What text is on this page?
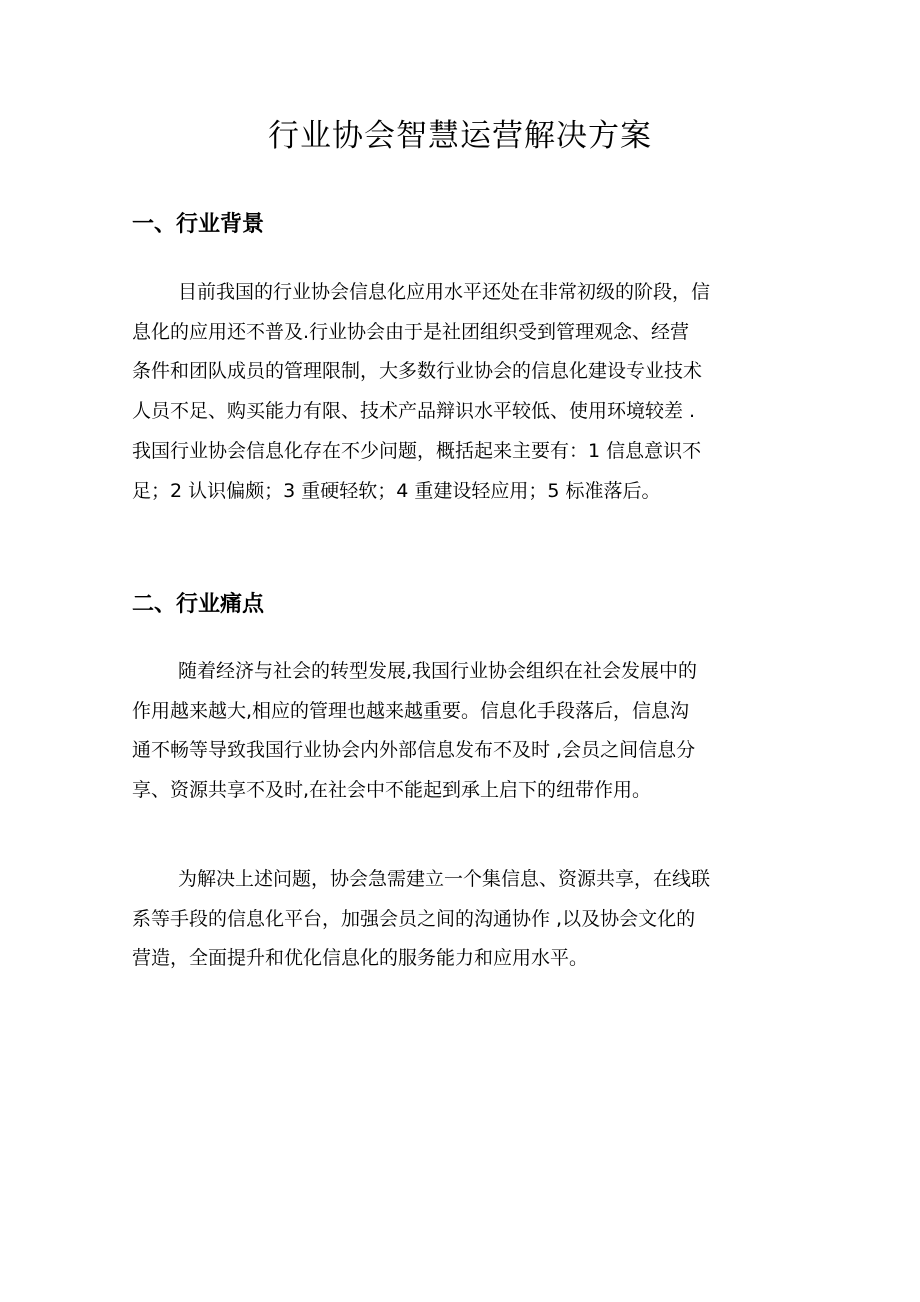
行业协会智慧运营解决方案
一、行业背景

目前我国的行业协会信息化应用水平还处在非常初级的阶段，信
息化的应用还不普及.行业协会由于是社团组织受到管理观念、经营
条件和团队成员的管理限制，大多数行业协会的信息化建设专业技术
人员不足、购买能力有限、技术产品辩识水平较低、使用环境较差 .
我国行业协会信息化存在不少问题，概括起来主要有：1 信息意识不
足；2 认识偏颇；3 重硬轻软；4 重建设轻应用；5 标准落后。

二、行业痛点

随着经济与社会的转型发展,我国行业协会组织在社会发展中的
作用越来越大,相应的管理也越来越重要。信息化手段落后，信息沟
通不畅等导致我国行业协会内外部信息发布不及时 ,会员之间信息分
享、资源共享不及时,在社会中不能起到承上启下的纽带作用。

为解决上述问题，协会急需建立一个集信息、资源共享，在线联
系等手段的信息化平台，加强会员之间的沟通协作 ,以及协会文化的
营造，全面提升和优化信息化的服务能力和应用水平。
